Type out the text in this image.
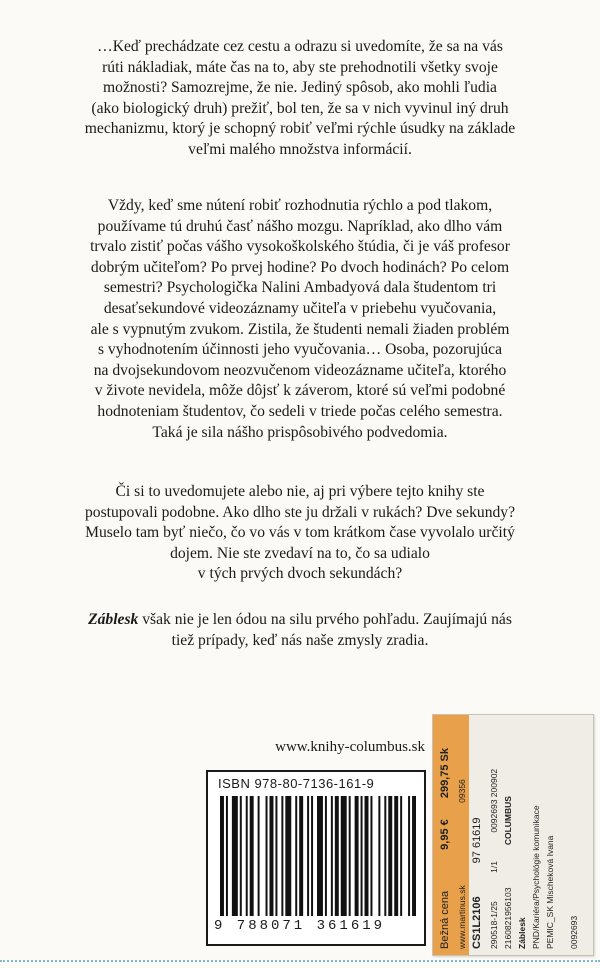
…Keď prechádzate cez cestu a odrazu si uvedomíte, že sa na vás
rúti nákladiak, máte čas na to, aby ste prehodnotili všetky svoje
možnosti? Samozrejme, že nie. Jediný spôsob, ako mohli ľudia
(ako biologický druh) prežiť, bol ten, že sa v nich vyvinul iný druh
mechanizmu, ktorý je schopný robiť veľmi rýchle úsudky na základe
veľmi malého množstva informácií.
Vždy, keď sme nútení robiť rozhodnutia rýchlo a pod tlakom,
používame tú druhú časť nášho mozgu. Napríklad, ako dlho vám
trvalo zistiť počas vášho vysokoškolského štúdia, či je váš profesor
dobrým učiteľom? Po prvej hodine? Po dvoch hodinách? Po celom
semestri? Psychologička Nalini Ambadyová dala študentom tri
desaťsekundové videozáznamy učiteľa v priebehu vyučovania,
ale s vypnutým zvukom. Zistila, že študenti nemali žiaden problém
s vyhodnotením účinnosti jeho vyučovania… Osoba, pozorujúca
na dvojsekundovom neozvučenom videozázname učiteľa, ktorého
v živote nevidela, môže dôjsť k záverom, ktoré sú veľmi podobné
hodnoteniam študentov, čo sedeli v triede počas celého semestra.
Taká je sila nášho prispôsobivého podvedomia.
Či si to uvedomujete alebo nie, aj pri výbere tejto knihy ste
postupovali podobne. Ako dlho ste ju držali v rukách? Dve sekundy?
Muselo tam byť niečo, čo vo vás v tom krátkom čase vyvolalo určitý
dojem. Nie ste zvedaví na to, čo sa udialo
v tých prvých dvoch sekundách?
Záblesk však nie je len ódou na silu prvého pohľadu. Zaujímajú nás
tiež prípady, keď nás naše zmysly zradia.
www.knihy-columbus.sk
ISBN 978-80-7136-161-9
9 788071 361619	Bežná cena 9,95 € 299,75 Sk
www.martinus.sk 09356
CS1L2106 97 61619
290518-1/25 1/1 0092693 200902
2160821956103 COLUMBUS
Záblesk PND/Kariéra/Psychológie komunikace PEMIC_SK Mischeková Ivana 0092693
